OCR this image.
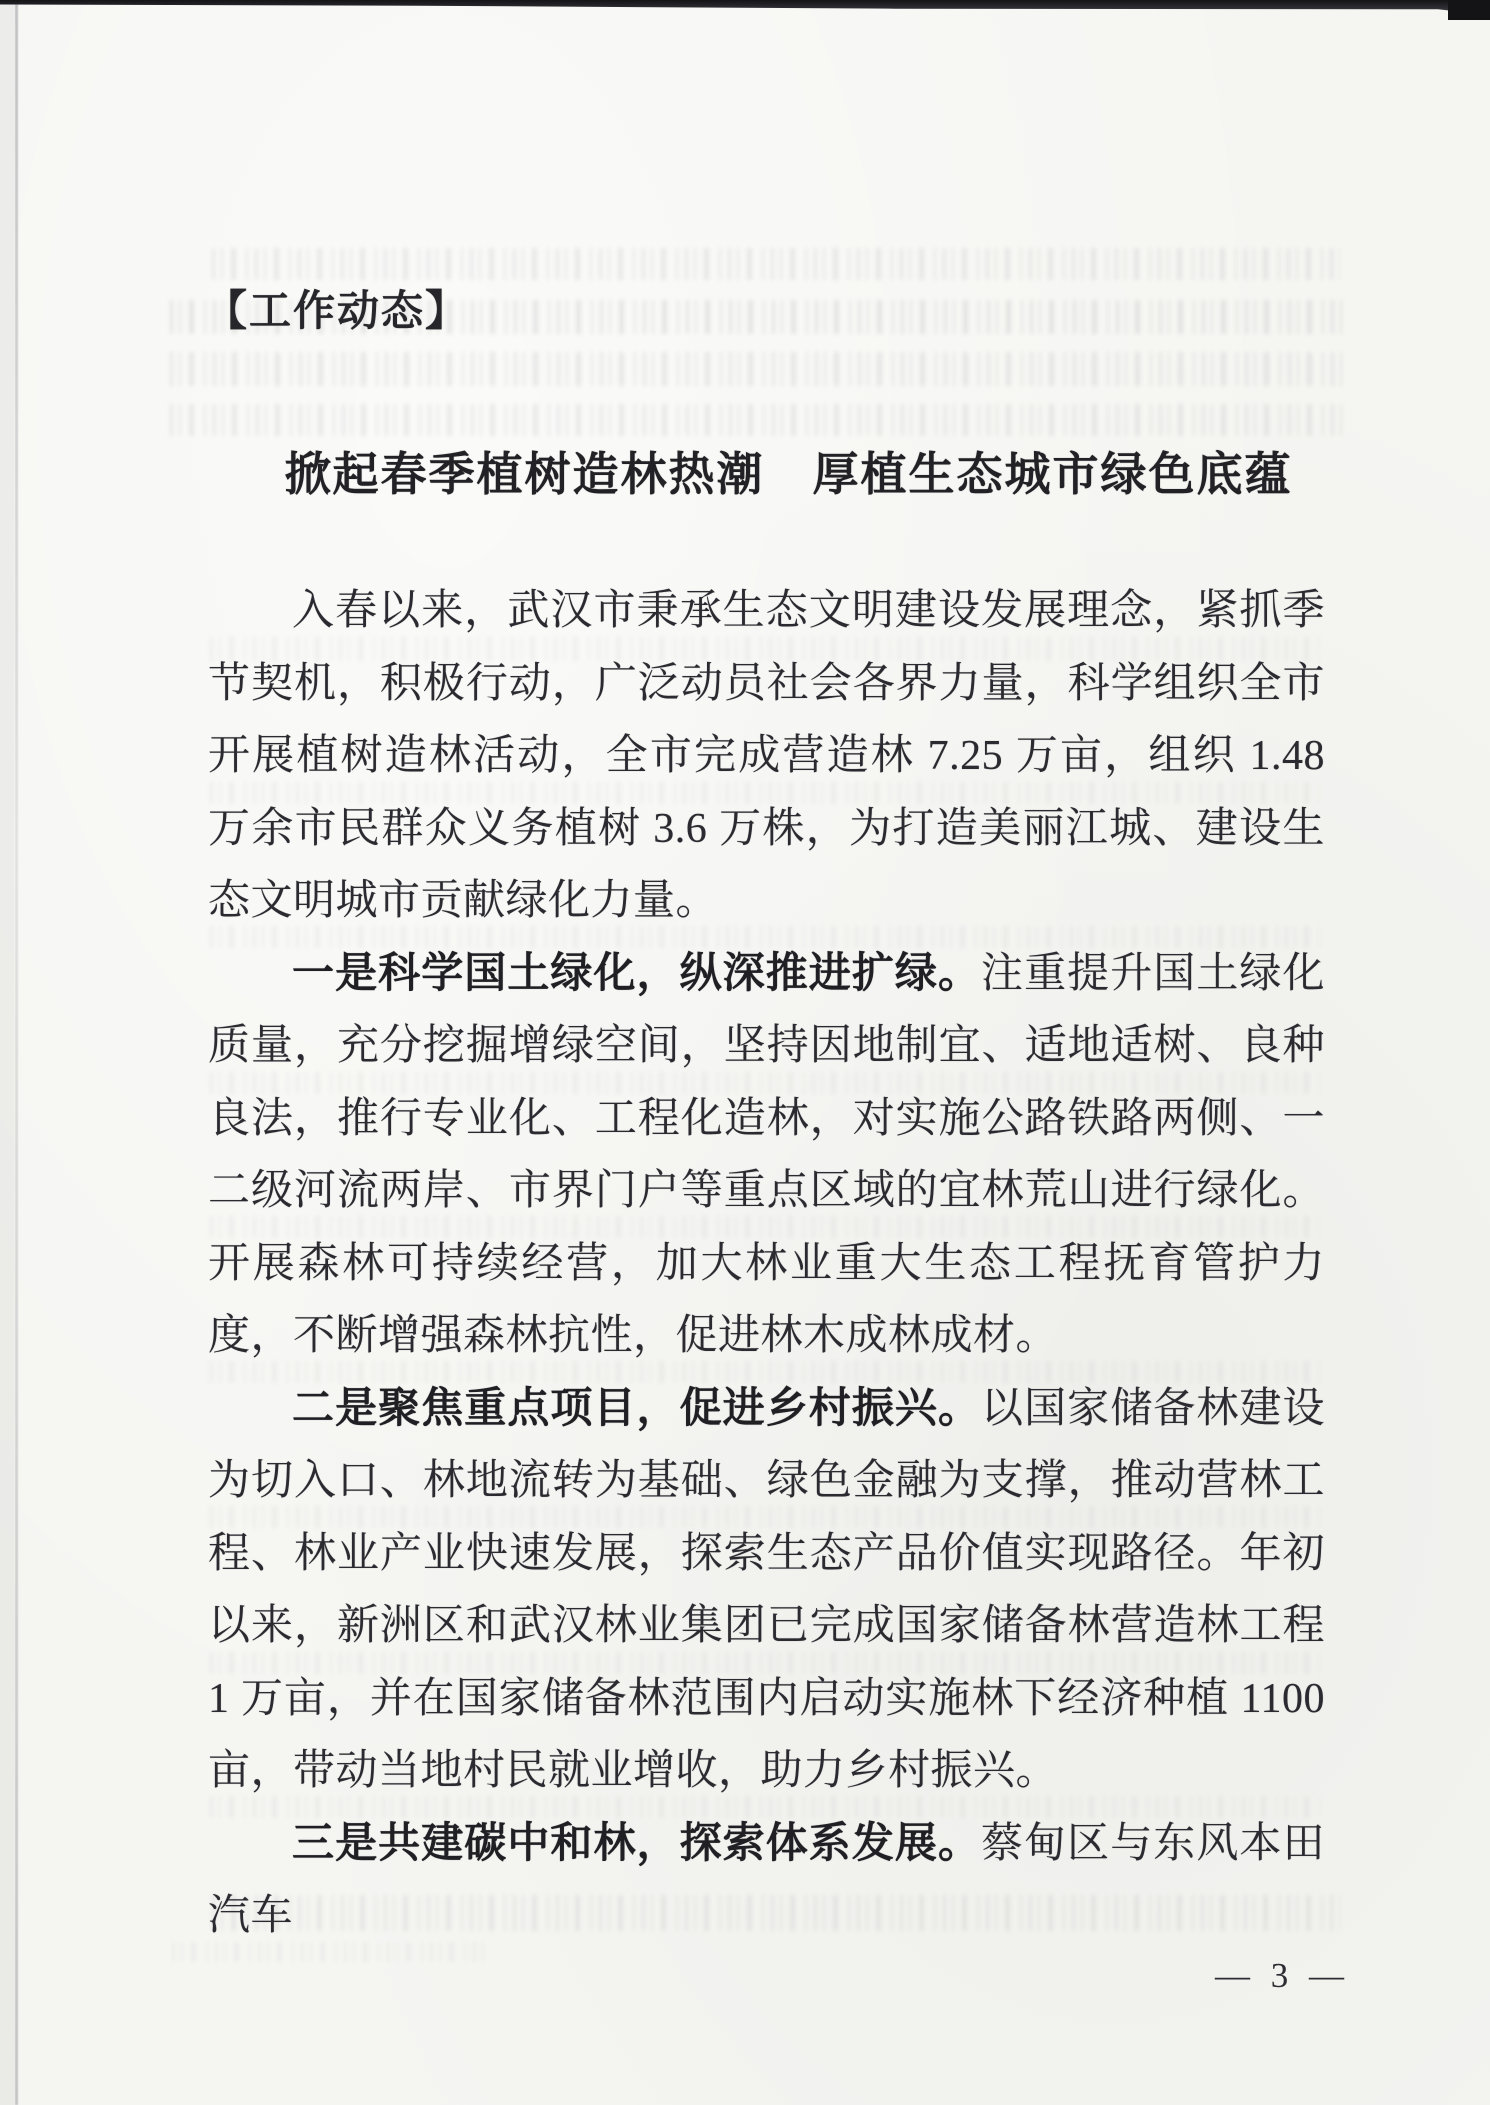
【工作动态】
掀起春季植树造林热潮　厚植生态城市绿色底蕴

入春以来，武汉市秉承生态文明建设发展理念，紧抓季节契机，积极行动，广泛动员社会各界力量，科学组织全市开展植树造林活动，全市完成营造林 7.25 万亩，组织 1.48 万余市民群众义务植树 3.6 万株，为打造美丽江城、建设生态文明城市贡献绿化力量。

一是科学国土绿化，纵深推进扩绿。注重提升国土绿化质量，充分挖掘增绿空间，坚持因地制宜、适地适树、良种良法，推行专业化、工程化造林，对实施公路铁路两侧、一二级河流两岸、市界门户等重点区域的宜林荒山进行绿化。开展森林可持续经营，加大林业重大生态工程抚育管护力度，不断增强森林抗性，促进林木成林成材。

二是聚焦重点项目，促进乡村振兴。以国家储备林建设为切入口、林地流转为基础、绿色金融为支撑，推动营林工程、林业产业快速发展，探索生态产品价值实现路径。年初以来，新洲区和武汉林业集团已完成国家储备林营造林工程 1 万亩，并在国家储备林范围内启动实施林下经济种植 1100 亩，带动当地村民就业增收，助力乡村振兴。

三是共建碳中和林，探索体系发展。蔡甸区与东风本田汽车

— 3 —
